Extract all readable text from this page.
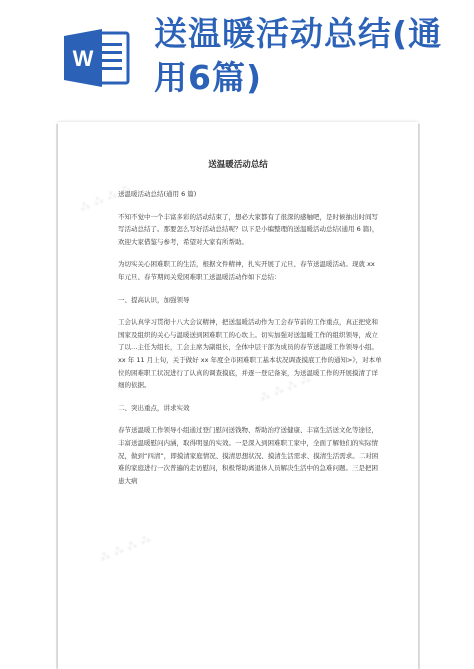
W
送温暖活动总结(通用6篇)
⁂ ⁂ ⁂ ⁂
⁂ ⁂ ⁂ ⁂
⁂ ⁂ ⁂ ⁂
送温暖活动总结

送温暖活动总结(通用 6 篇)

不知不觉中一个丰富多彩的活动结束了，想必大家都有了很深的感触吧，是时候抽出时间写写活动总结了。那要怎么写好活动总结呢？以下是小编整理的送温暖活动总结(通用 6 篇)，欢迎大家借鉴与参考，希望对大家有所帮助。

为切实关心困难职工的生活，根据文件精神，扎实开展了元旦、春节送温暖活动。现就 xx 年元旦、春节期间关爱困难职工送温暖活动作如下总结：

一、提高认识，加强领导

工会认真学习贯彻十八大会议精神，把送温暖活动作为工会春节前的工作重点，真正把党和国家及组织的关心与温暖送到困难职工的心坎上。切实加强对送温暖工作的组织领导，成立了以…主任为组长，工会主席为副组长，全体中层干部为成员的春节送温暖工作领导小组。 xx 年 11 月上旬，关于做好 xx 年度全市困难职工基本状况调查摸底工作的通知>》，对本单位的困难职工状况进行了认真的调查摸底，并逐一登记备案，为送温暖工作的开展摸清了详细的依据。

二、突出重点，讲求实效

春节送温暖工作领导小组通过登门慰问送钱物、帮助治疗送健康、丰富生活送文化等途径，丰富送温暖慰问内涵，取得明显的实效。一是深入到困难职工家中，全面了解他们的实际情况，做到“四清”，即摸清家庭情况、摸清思想状况、摸清生活需求、摸清生活需求。二对困难的家庭进行一次普遍的走访慰问，积极帮助离退休人员解决生活中的急难问题。三是把困患大病
